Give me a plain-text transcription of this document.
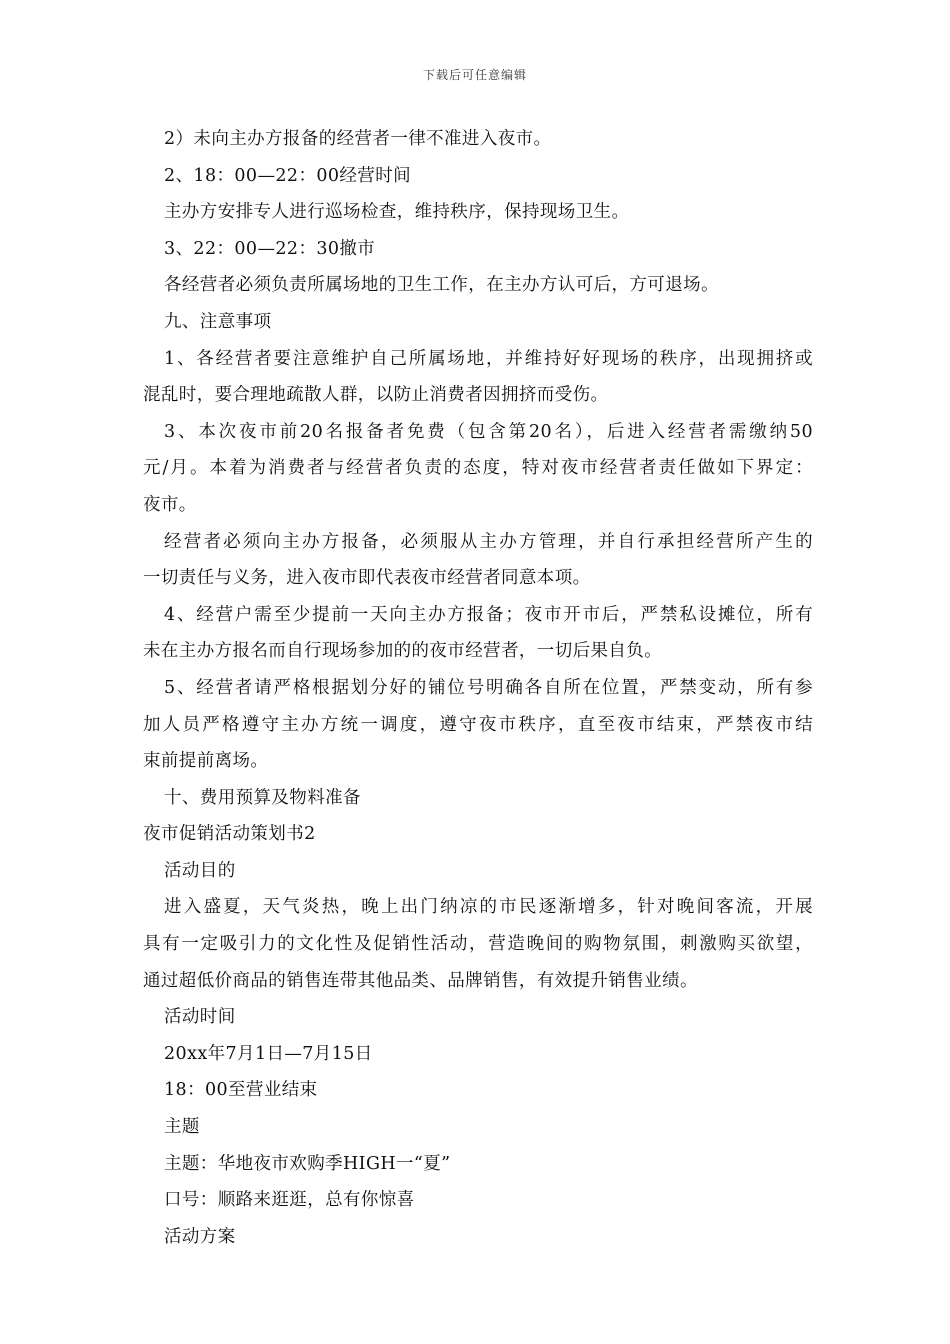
下载后可任意编辑
2）未向主办方报备的经营者一律不准进入夜市。
2、18：00—22：00经营时间
主办方安排专人进行巡场检查，维持秩序，保持现场卫生。
3、22：00—22：30撤市
各经营者必须负责所属场地的卫生工作，在主办方认可后，方可退场。
九、注意事项
1、各经营者要注意维护自己所属场地，并维持好好现场的秩序，出现拥挤或
混乱时，要合理地疏散人群，以防止消费者因拥挤而受伤。
3、本次夜市前20名报备者免费（包含第20名），后进入经营者需缴纳50
元/月。本着为消费者与经营者负责的态度，特对夜市经营者责任做如下界定：
夜市。
经营者必须向主办方报备，必须服从主办方管理，并自行承担经营所产生的
一切责任与义务，进入夜市即代表夜市经营者同意本项。
4、经营户需至少提前一天向主办方报备；夜市开市后，严禁私设摊位，所有
未在主办方报名而自行现场参加的的夜市经营者，一切后果自负。
5、经营者请严格根据划分好的铺位号明确各自所在位置，严禁变动，所有参
加人员严格遵守主办方统一调度，遵守夜市秩序，直至夜市结束，严禁夜市结
束前提前离场。
十、费用预算及物料准备
夜市促销活动策划书2
活动目的
进入盛夏，天气炎热，晚上出门纳凉的市民逐渐增多，针对晚间客流，开展
具有一定吸引力的文化性及促销性活动，营造晚间的购物氛围，刺激购买欲望，
通过超低价商品的销售连带其他品类、品牌销售，有效提升销售业绩。
活动时间
20xx年7月1日—7月15日
18：00至营业结束
主题
主题：华地夜市欢购季HIGH一“夏”
口号：顺路来逛逛，总有你惊喜
活动方案
